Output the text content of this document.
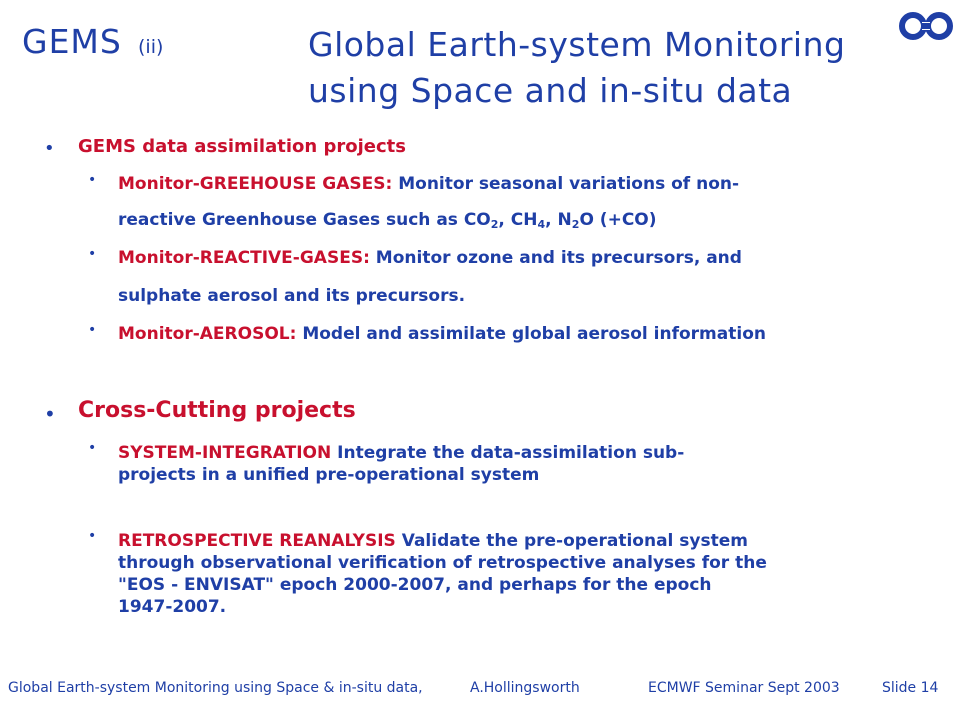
GEMS (ii)	Global Earth-system Monitoring
using Space and in-situ data
• GEMS data assimilation projects
• Monitor-GREEHOUSE GASES: Monitor seasonal variations of non-
reactive Greenhouse Gases such as $CO_2$, $CH_4$, $N_2O$ (+CO)
• Monitor-REACTIVE-GASES: Monitor ozone and its precursors, and
sulphate aerosol and its precursors.
• Monitor-AEROSOL: Model and assimilate global aerosol information
• Cross-Cutting projects
• SYSTEM-INTEGRATION Integrate the data-assimilation sub-
projects in a unified pre-operational system
• RETROSPECTIVE REANALYSIS Validate the pre-operational system
through observational verification of retrospective analyses for the
"EOS - ENVISAT" epoch 2000-2007, and perhaps for the epoch
1947-2007.
Global Earth-system Monitoring using Space & in-situ data,	A.Hollingsworth	ECMWF Seminar Sept 2003	Slide 14
